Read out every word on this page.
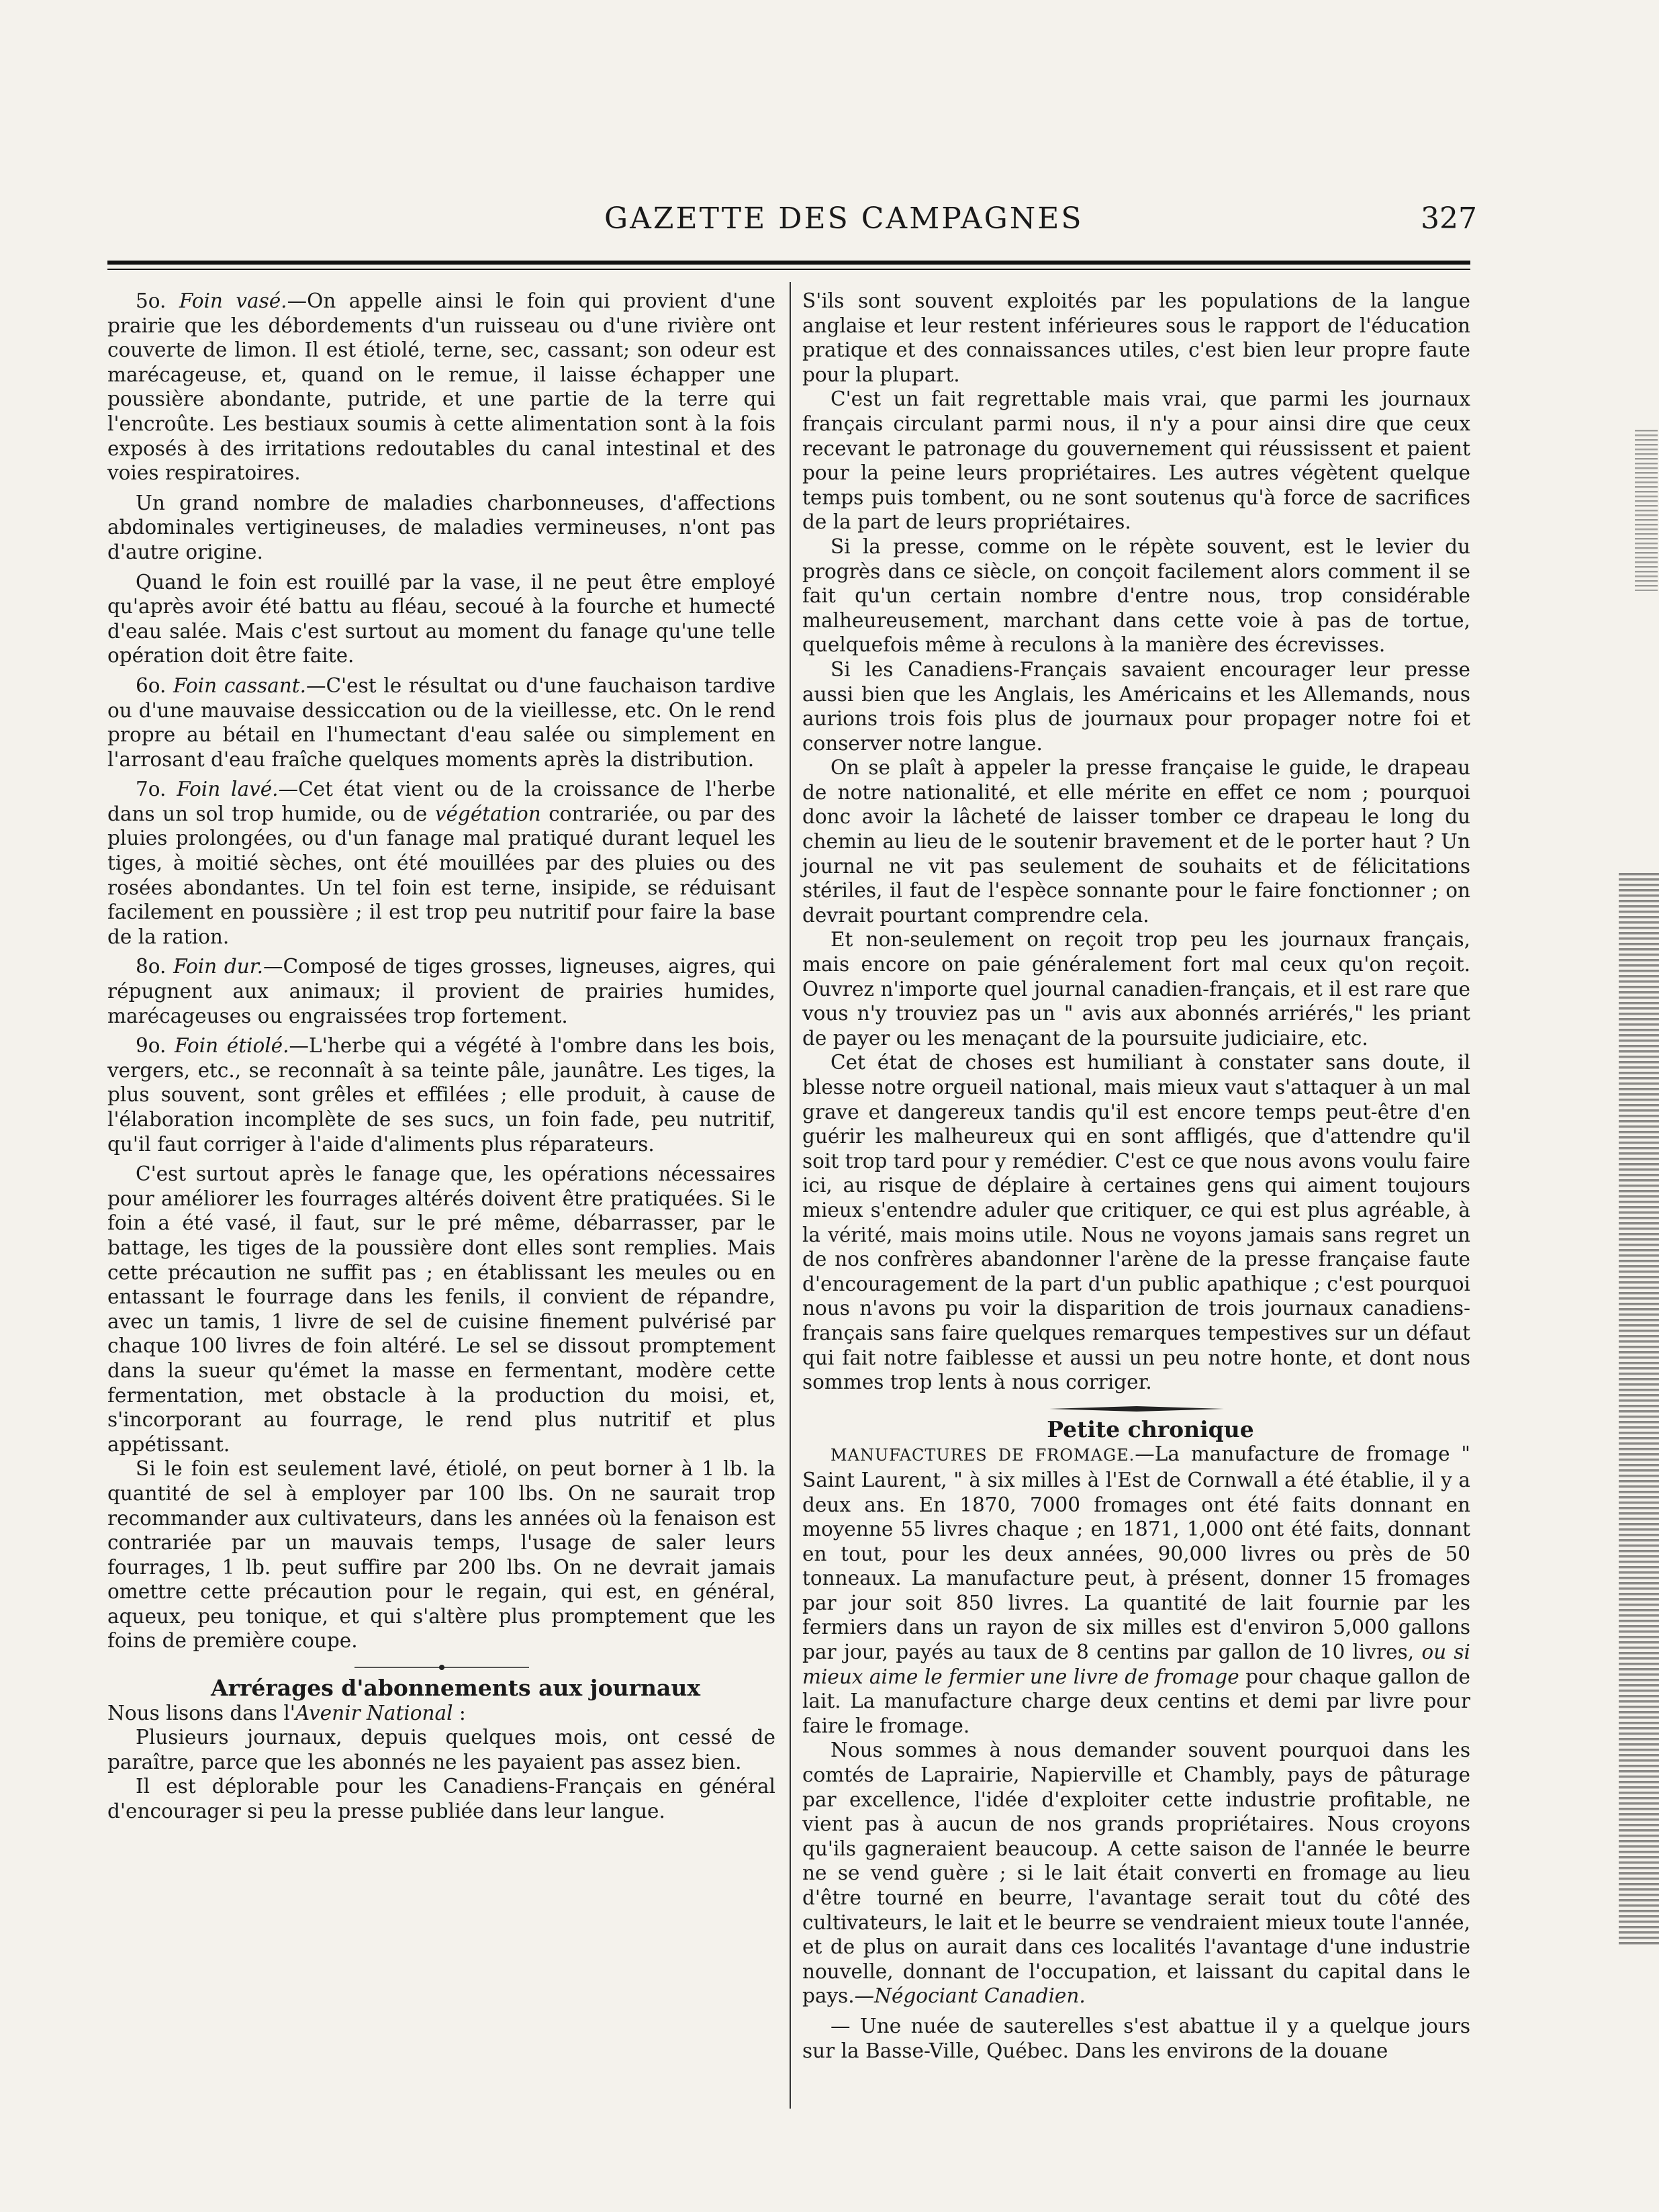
GAZETTE DES CAMPAGNES	327

5o. Foin vasé.—On appelle ainsi le foin qui provient d'une prairie que les débordements d'un ruisseau ou d'une rivière ont couverte de limon. Il est étiolé, terne, sec, cassant; son odeur est marécageuse, et, quand on le remue, il laisse échapper une poussière abondante, putride, et une partie de la terre qui l'encroûte. Les bestiaux soumis à cette alimentation sont à la fois exposés à des irritations redoutables du canal intestinal et des voies respiratoires.

Un grand nombre de maladies charbonneuses, d'affections abdominales vertigineuses, de maladies vermineuses, n'ont pas d'autre origine.

Quand le foin est rouillé par la vase, il ne peut être employé qu'après avoir été battu au fléau, secoué à la fourche et humecté d'eau salée. Mais c'est surtout au moment du fanage qu'une telle opération doit être faite.

6o. Foin cassant.—C'est le résultat ou d'une fauchaison tardive ou d'une mauvaise dessiccation ou de la vieillesse, etc. On le rend propre au bétail en l'humectant d'eau salée ou simplement en l'arrosant d'eau fraîche quelques moments après la distribution.

7o. Foin lavé.—Cet état vient ou de la croissance de l'herbe dans un sol trop humide, ou de végétation contrariée, ou par des pluies prolongées, ou d'un fanage mal pratiqué durant lequel les tiges, à moitié sèches, ont été mouillées par des pluies ou des rosées abondantes. Un tel foin est terne, insipide, se réduisant facilement en poussière ; il est trop peu nutritif pour faire la base de la ration.

8o. Foin dur.—Composé de tiges grosses, ligneuses, aigres, qui répugnent aux animaux; il provient de prairies humides, marécageuses ou engraissées trop fortement.

9o. Foin étiolé.—L'herbe qui a végété à l'ombre dans les bois, vergers, etc., se reconnaît à sa teinte pâle, jaunâtre. Les tiges, la plus souvent, sont grêles et effilées ; elle produit, à cause de l'élaboration incomplète de ses sucs, un foin fade, peu nutritif, qu'il faut corriger à l'aide d'aliments plus réparateurs.

C'est surtout après le fanage que, les opérations nécessaires pour améliorer les fourrages altérés doivent être pratiquées. Si le foin a été vasé, il faut, sur le pré même, débarrasser, par le battage, les tiges de la poussière dont elles sont remplies. Mais cette précaution ne suffit pas ; en établissant les meules ou en entassant le fourrage dans les fenils, il convient de répandre, avec un tamis, 1 livre de sel de cuisine finement pulvérisé par chaque 100 livres de foin altéré. Le sel se dissout promptement dans la sueur qu'émet la masse en fermentant, modère cette fermentation, met obstacle à la production du moisi, et, s'incorporant au fourrage, le rend plus nutritif et plus appétissant.

Si le foin est seulement lavé, étiolé, on peut borner à 1 lb. la quantité de sel à employer par 100 lbs. On ne saurait trop recommander aux cultivateurs, dans les années où la fenaison est contrariée par un mauvais temps, l'usage de saler leurs fourrages, 1 lb. peut suffire par 200 lbs. On ne devrait jamais omettre cette précaution pour le regain, qui est, en général, aqueux, peu tonique, et qui s'altère plus promptement que les foins de première coupe.

Arrérages d'abonnements aux journaux

Nous lisons dans l'Avenir National :

Plusieurs journaux, depuis quelques mois, ont cessé de paraître, parce que les abonnés ne les payaient pas assez bien.

Il est déplorable pour les Canadiens-Français en général d'encourager si peu la presse publiée dans leur langue.

S'ils sont souvent exploités par les populations de la langue anglaise et leur restent inférieures sous le rapport de l'éducation pratique et des connaissances utiles, c'est bien leur propre faute pour la plupart.

C'est un fait regrettable mais vrai, que parmi les journaux français circulant parmi nous, il n'y a pour ainsi dire que ceux recevant le patronage du gouvernement qui réussissent et paient pour la peine leurs propriétaires. Les autres végètent quelque temps puis tombent, ou ne sont soutenus qu'à force de sacrifices de la part de leurs propriétaires.

Si la presse, comme on le répète souvent, est le levier du progrès dans ce siècle, on conçoit facilement alors comment il se fait qu'un certain nombre d'entre nous, trop considérable malheureusement, marchant dans cette voie à pas de tortue, quelquefois même à reculons à la manière des écrevisses.

Si les Canadiens-Français savaient encourager leur presse aussi bien que les Anglais, les Américains et les Allemands, nous aurions trois fois plus de journaux pour propager notre foi et conserver notre langue.

On se plaît à appeler la presse française le guide, le drapeau de notre nationalité, et elle mérite en effet ce nom ; pourquoi donc avoir la lâcheté de laisser tomber ce drapeau le long du chemin au lieu de le soutenir bravement et de le porter haut ? Un journal ne vit pas seulement de souhaits et de félicitations stériles, il faut de l'espèce sonnante pour le faire fonctionner ; on devrait pourtant comprendre cela.

Et non-seulement on reçoit trop peu les journaux français, mais encore on paie généralement fort mal ceux qu'on reçoit. Ouvrez n'importe quel journal canadien-français, et il est rare que vous n'y trouviez pas un " avis aux abonnés arriérés," les priant de payer ou les menaçant de la poursuite judiciaire, etc.

Cet état de choses est humiliant à constater sans doute, il blesse notre orgueil national, mais mieux vaut s'attaquer à un mal grave et dangereux tandis qu'il est encore temps peut-être d'en guérir les malheureux qui en sont affligés, que d'attendre qu'il soit trop tard pour y remédier. C'est ce que nous avons voulu faire ici, au risque de déplaire à certaines gens qui aiment toujours mieux s'entendre aduler que critiquer, ce qui est plus agréable, à la vérité, mais moins utile. Nous ne voyons jamais sans regret un de nos confrères abandonner l'arène de la presse française faute d'encouragement de la part d'un public apathique ; c'est pourquoi nous n'avons pu voir la disparition de trois journaux canadiens-français sans faire quelques remarques tempestives sur un défaut qui fait notre faiblesse et aussi un peu notre honte, et dont nous sommes trop lents à nous corriger.

Petite chronique

MANUFACTURES DE FROMAGE.—La manufacture de fromage " Saint Laurent, " à six milles à l'Est de Cornwall a été établie, il y a deux ans. En 1870, 7000 fromages ont été faits donnant en moyenne 55 livres chaque ; en 1871, 1,000 ont été faits, donnant en tout, pour les deux années, 90,000 livres ou près de 50 tonneaux. La manufacture peut, à présent, donner 15 fromages par jour soit 850 livres. La quantité de lait fournie par les fermiers dans un rayon de six milles est d'environ 5,000 gallons par jour, payés au taux de 8 centins par gallon de 10 livres, ou si mieux aime le fermier une livre de fromage pour chaque gallon de lait. La manufacture charge deux centins et demi par livre pour faire le fromage.

Nous sommes à nous demander souvent pourquoi dans les comtés de Laprairie, Napierville et Chambly, pays de pâturage par excellence, l'idée d'exploiter cette industrie profitable, ne vient pas à aucun de nos grands propriétaires. Nous croyons qu'ils gagneraient beaucoup. A cette saison de l'année le beurre ne se vend guère ; si le lait était converti en fromage au lieu d'être tourné en beurre, l'avantage serait tout du côté des cultivateurs, le lait et le beurre se vendraient mieux toute l'année, et de plus on aurait dans ces localités l'avantage d'une industrie nouvelle, donnant de l'occupation, et laissant du capital dans le pays.—Négociant Canadien.

— Une nuée de sauterelles s'est abattue il y a quelque jours sur la Basse-Ville, Québec. Dans les environs de la douane
